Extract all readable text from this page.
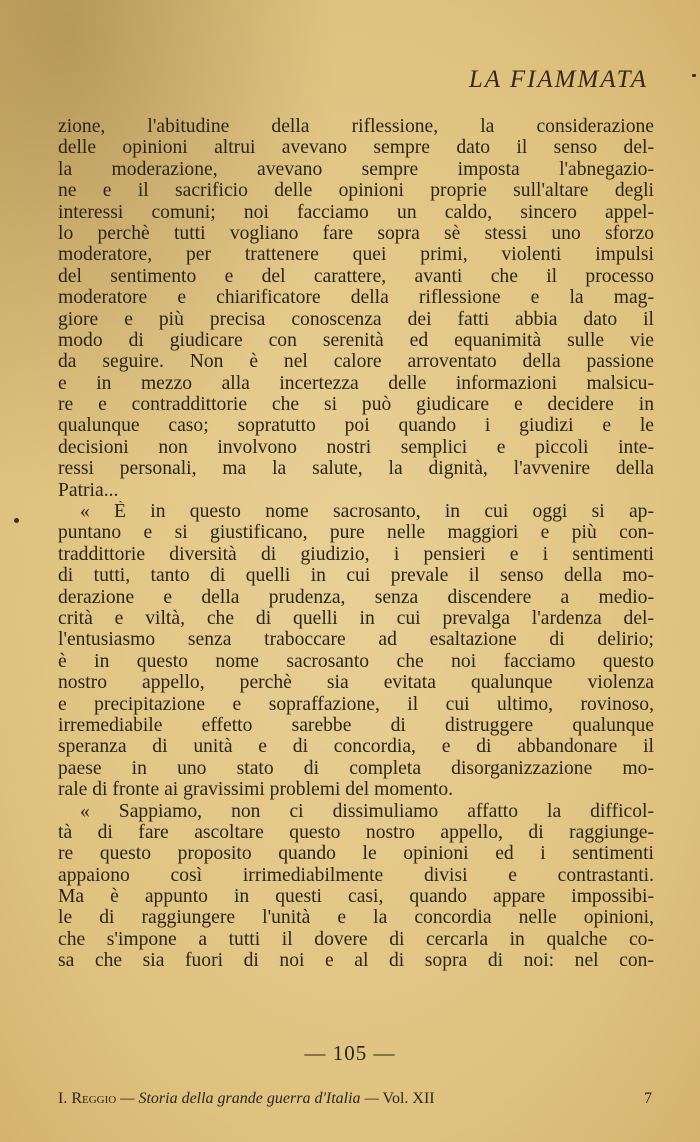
LA FIAMMATA
zione, l'abitudine della riflessione, la considerazione
delle opinioni altrui avevano sempre dato il senso del-
la moderazione, avevano sempre imposta l'abnegazio-
ne e il sacrificio delle opinioni proprie sull'altare degli
interessi comuni; noi facciamo un caldo, sincero appel-
lo perchè tutti vogliano fare sopra sè stessi uno sforzo
moderatore, per trattenere quei primi, violenti impulsi
del sentimento e del carattere, avanti che il processo
moderatore e chiarificatore della riflessione e la mag-
giore e più precisa conoscenza dei fatti abbia dato il
modo di giudicare con serenità ed equanimità sulle vie
da seguire. Non è nel calore arroventato della passione
e in mezzo alla incertezza delle informazioni malsicu-
re e contraddittorie che si può giudicare e decidere in
qualunque caso; sopratutto poi quando i giudizi e le
decisioni non involvono nostri semplici e piccoli inte-
ressi personali, ma la salute, la dignità, l'avvenire della
Patria...
« È in questo nome sacrosanto, in cui oggi si ap-
puntano e si giustificano, pure nelle maggiori e più con-
traddittorie diversità di giudizio, i pensieri e i sentimenti
di tutti, tanto di quelli in cui prevale il senso della mo-
derazione e della prudenza, senza discendere a medio-
crità e viltà, che di quelli in cui prevalga l'ardenza del-
l'entusiasmo senza traboccare ad esaltazione di delirio;
è in questo nome sacrosanto che noi facciamo questo
nostro appello, perchè sia evitata qualunque violenza
e precipitazione e sopraffazione, il cui ultimo, rovinoso,
irremediabile effetto sarebbe di distruggere qualunque
speranza di unità e di concordia, e di abbandonare il
paese in uno stato di completa disorganizzazione mo-
rale di fronte ai gravissimi problemi del momento.
« Sappiamo, non ci dissimuliamo affatto la difficol-
tà di fare ascoltare questo nostro appello, di raggiunge-
re questo proposito quando le opinioni ed i sentimenti
appaiono così irrimediabilmente divisi e contrastanti.
Ma è appunto in questi casi, quando appare impossibi-
le di raggiungere l'unità e la concordia nelle opinioni,
che s'impone a tutti il dovere di cercarla in qualche co-
sa che sia fuori di noi e al di sopra di noi: nel con-
— 105 —
I. Reggio — Storia della grande guerra d'Italia — Vol. XII	7
